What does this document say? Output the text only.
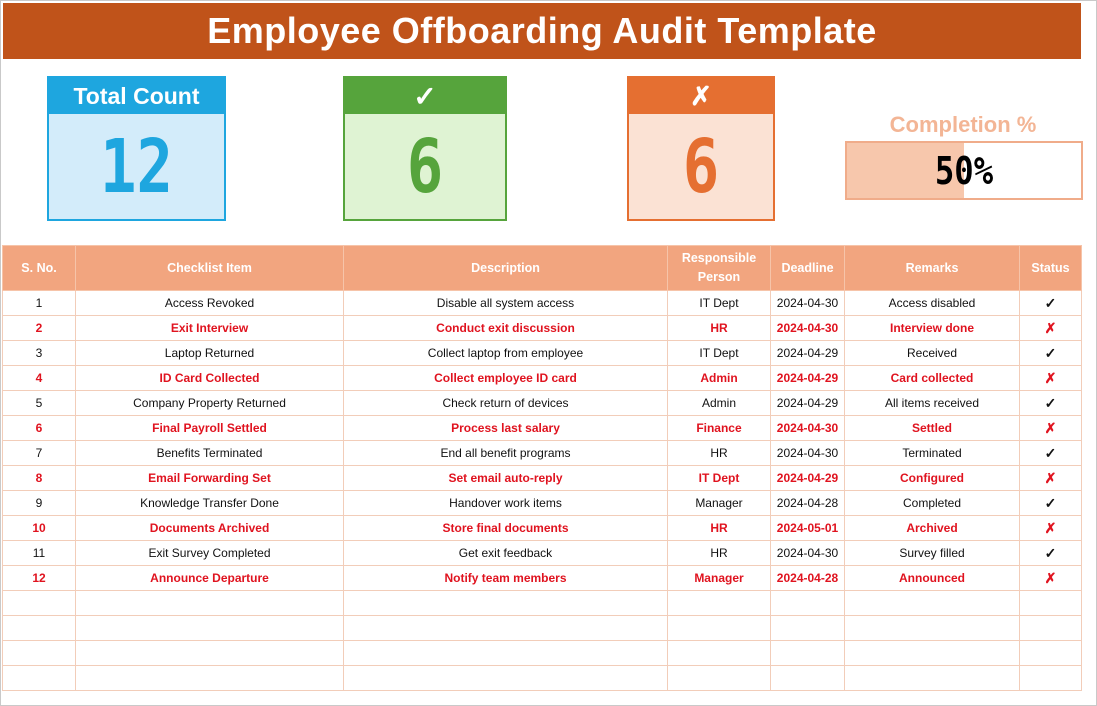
Employee Offboarding Audit Template
Total Count
12
✓
6
✗
6	Completion %
50%
S. No.	Checklist Item	Description	Responsible Person	Deadline	Remarks	Status
1	Access Revoked	Disable all system access	IT Dept	2024-04-30	Access disabled	✓
2	Exit Interview	Conduct exit discussion	HR	2024-04-30	Interview done	✗
3	Laptop Returned	Collect laptop from employee	IT Dept	2024-04-29	Received	✓
4	ID Card Collected	Collect employee ID card	Admin	2024-04-29	Card collected	✗
5	Company Property Returned	Check return of devices	Admin	2024-04-29	All items received	✓
6	Final Payroll Settled	Process last salary	Finance	2024-04-30	Settled	✗
7	Benefits Terminated	End all benefit programs	HR	2024-04-30	Terminated	✓
8	Email Forwarding Set	Set email auto-reply	IT Dept	2024-04-29	Configured	✗
9	Knowledge Transfer Done	Handover work items	Manager	2024-04-28	Completed	✓
10	Documents Archived	Store final documents	HR	2024-05-01	Archived	✗
11	Exit Survey Completed	Get exit feedback	HR	2024-04-30	Survey filled	✓
12	Announce Departure	Notify team members	Manager	2024-04-28	Announced	✗
